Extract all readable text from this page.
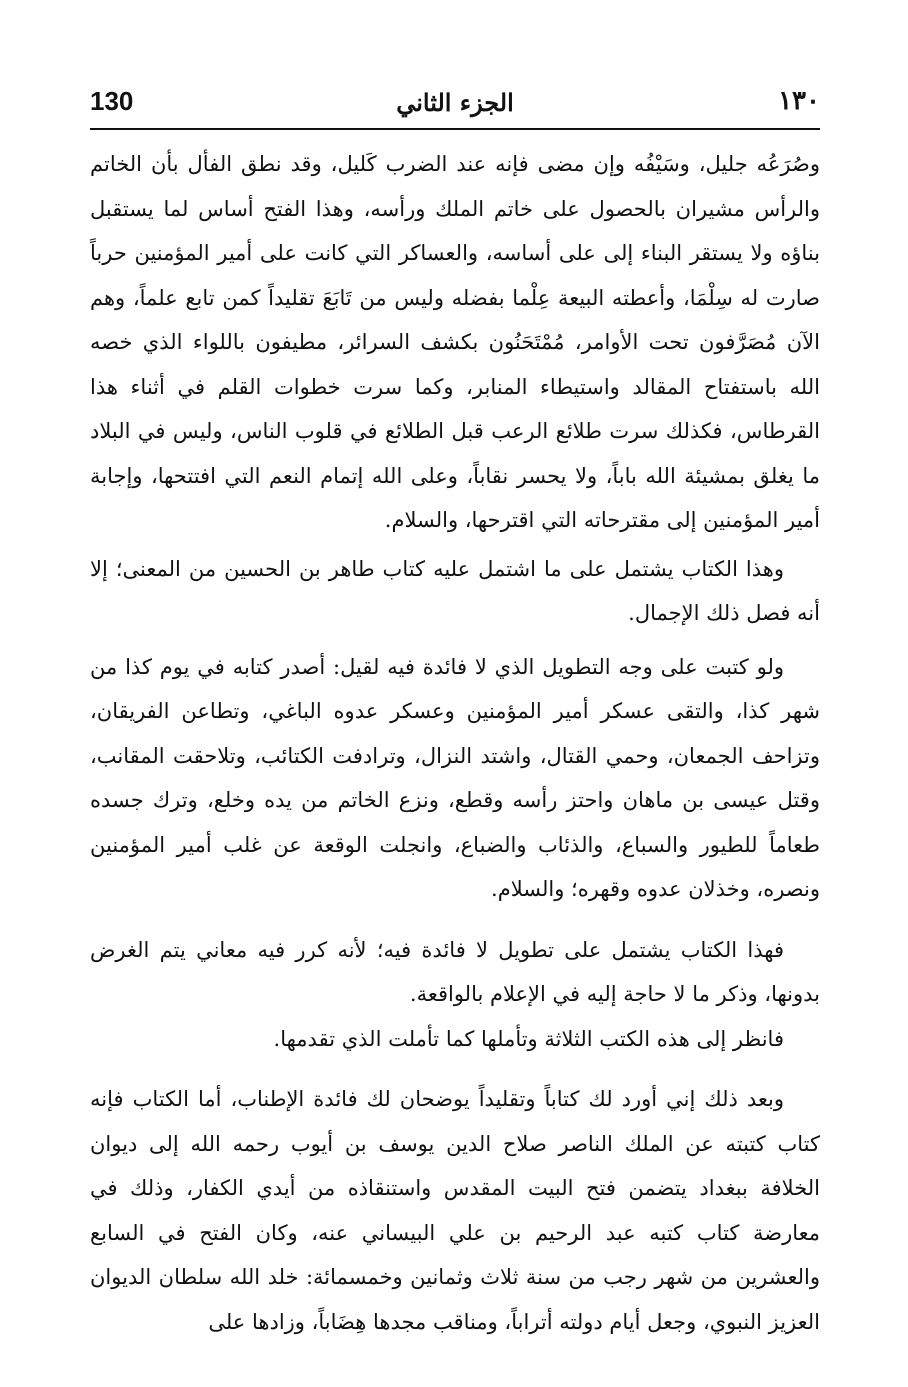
١٣٠
الجزء الثاني
130

وصُرَعُه جليل، وسَيْفُه وإن مضى فإنه عند الضرب كَليل، وقد نطق الفأل بأن الخاتم والرأس مشيران بالحصول على خاتم الملك ورأسه، وهذا الفتح أساس لما يستقبل بناؤه ولا يستقر البناء إلى على أساسه، والعساكر التي كانت على أمير المؤمنين حرباً صارت له سِلْمَا، وأعطته البيعة عِلْما بفضله وليس من تَابَعَ تقليداً كمن تابع علماً، وهم الآن مُصَرَّفون تحت الأوامر، مُمْتَحَنُون بكشف السرائر، مطيفون باللواء الذي خصه الله باستفتاح المقالد واستيطاء المنابر، وكما سرت خطوات القلم في أثناء هذا القرطاس، فكذلك سرت طلائع الرعب قبل الطلائع في قلوب الناس، وليس في البلاد ما يغلق بمشيئة الله باباً، ولا يحسر نقاباً، وعلى الله إتمام النعم التي افتتحها، وإجابة أمير المؤمنين إلى مقترحاته التي اقترحها، والسلام.

وهذا الكتاب يشتمل على ما اشتمل عليه كتاب طاهر بن الحسين من المعنى؛ إلا أنه فصل ذلك الإجمال.

ولو كتبت على وجه التطويل الذي لا فائدة فيه لقيل: أصدر كتابه في يوم كذا من شهر كذا، والتقى عسكر أمير المؤمنين وعسكر عدوه الباغي، وتطاعن الفريقان، وتزاحف الجمعان، وحمي القتال، واشتد النزال، وترادفت الكتائب، وتلاحقت المقانب، وقتل عيسى بن ماهان واحتز رأسه وقطع، ونزع الخاتم من يده وخلع، وترك جسده طعاماً للطيور والسباع، والذئاب والضباع، وانجلت الوقعة عن غلب أمير المؤمنين ونصره، وخذلان عدوه وقهره؛ والسلام.

فهذا الكتاب يشتمل على تطويل لا فائدة فيه؛ لأنه كرر فيه معاني يتم الغرض بدونها، وذكر ما لا حاجة إليه في الإعلام بالواقعة.

فانظر إلى هذه الكتب الثلاثة وتأملها كما تأملت الذي تقدمها.

وبعد ذلك إني أورد لك كتاباً وتقليداً يوضحان لك فائدة الإطناب، أما الكتاب فإنه كتاب كتبته عن الملك الناصر صلاح الدين يوسف بن أيوب رحمه الله إلى ديوان الخلافة ببغداد يتضمن فتح البيت المقدس واستنقاذه من أيدي الكفار، وذلك في معارضة كتاب كتبه عبد الرحيم بن علي البيساني عنه، وكان الفتح في السابع والعشرين من شهر رجب من سنة ثلاث وثمانين وخمسمائة: خلد الله سلطان الديوان العزيز النبوي، وجعل أيام دولته أتراباً، ومناقب مجدها هِضَاباً، وزادها على
